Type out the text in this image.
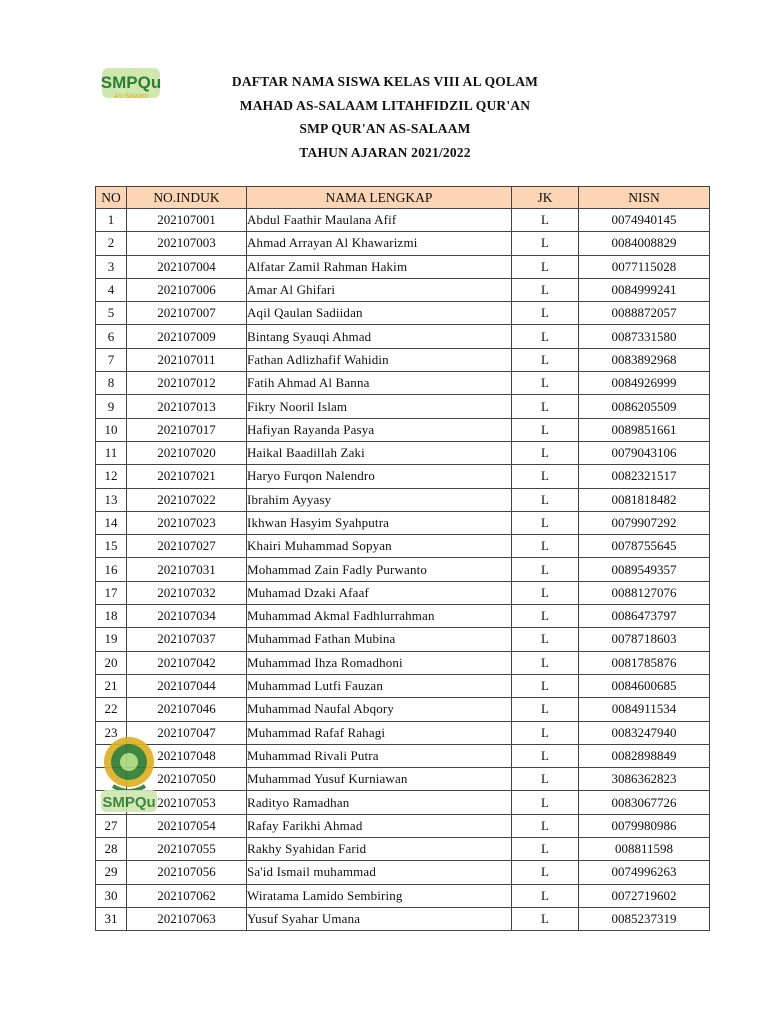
SMPQu
As-Salaam
DAFTAR NAMA SISWA KELAS VIII AL QOLAM
MAHAD AS-SALAAM LITAHFIDZIL QUR'AN
SMP QUR'AN AS-SALAAM
TAHUN AJARAN 2021/2022
NO	NO.INDUK	NAMA LENGKAP	JK	NISN
1	202107001	Abdul Faathir Maulana Afif	L	0074940145
2	202107003	Ahmad Arrayan Al Khawarizmi	L	0084008829
3	202107004	Alfatar Zamil Rahman Hakim	L	0077115028
4	202107006	Amar Al Ghifari	L	0084999241
5	202107007	Aqil Qaulan Sadiidan	L	0088872057
6	202107009	Bintang Syauqi Ahmad	L	0087331580
7	202107011	Fathan Adlizhafif Wahidin	L	0083892968
8	202107012	Fatih Ahmad Al Banna	L	0084926999
9	202107013	Fikry Nooril Islam	L	0086205509
10	202107017	Hafiyan Rayanda Pasya	L	0089851661
11	202107020	Haikal Baadillah Zaki	L	0079043106
12	202107021	Haryo Furqon Nalendro	L	0082321517
13	202107022	Ibrahim Ayyasy	L	0081818482
14	202107023	Ikhwan Hasyim Syahputra	L	0079907292
15	202107027	Khairi Muhammad Sopyan	L	0078755645
16	202107031	Mohammad Zain Fadly Purwanto	L	0089549357
17	202107032	Muhamad Dzaki Afaaf	L	0088127076
18	202107034	Muhammad Akmal Fadhlurrahman	L	0086473797
19	202107037	Muhammad Fathan Mubina	L	0078718603
20	202107042	Muhammad Ihza Romadhoni	L	0081785876
21	202107044	Muhammad Lutfi Fauzan	L	0084600685
22	202107046	Muhammad Naufal Abqory	L	0084911534
23	202107047	Muhammad Rafaf Rahagi	L	0083247940
	202107048	Muhammad Rivali Putra	L	0082898849
	202107050	Muhammad Yusuf Kurniawan	L	3086362823
	202107053	Radityo Ramadhan	L	0083067726
27	202107054	Rafay Farikhi Ahmad	L	0079980986
28	202107055	Rakhy Syahidan Farid	L	008811598
29	202107056	Sa'id Ismail muhammad	L	0074996263
30	202107062	Wiratama Lamido Sembiring	L	0072719602
31	202107063	Yusuf Syahar Umana	L	0085237319
SMPQu
